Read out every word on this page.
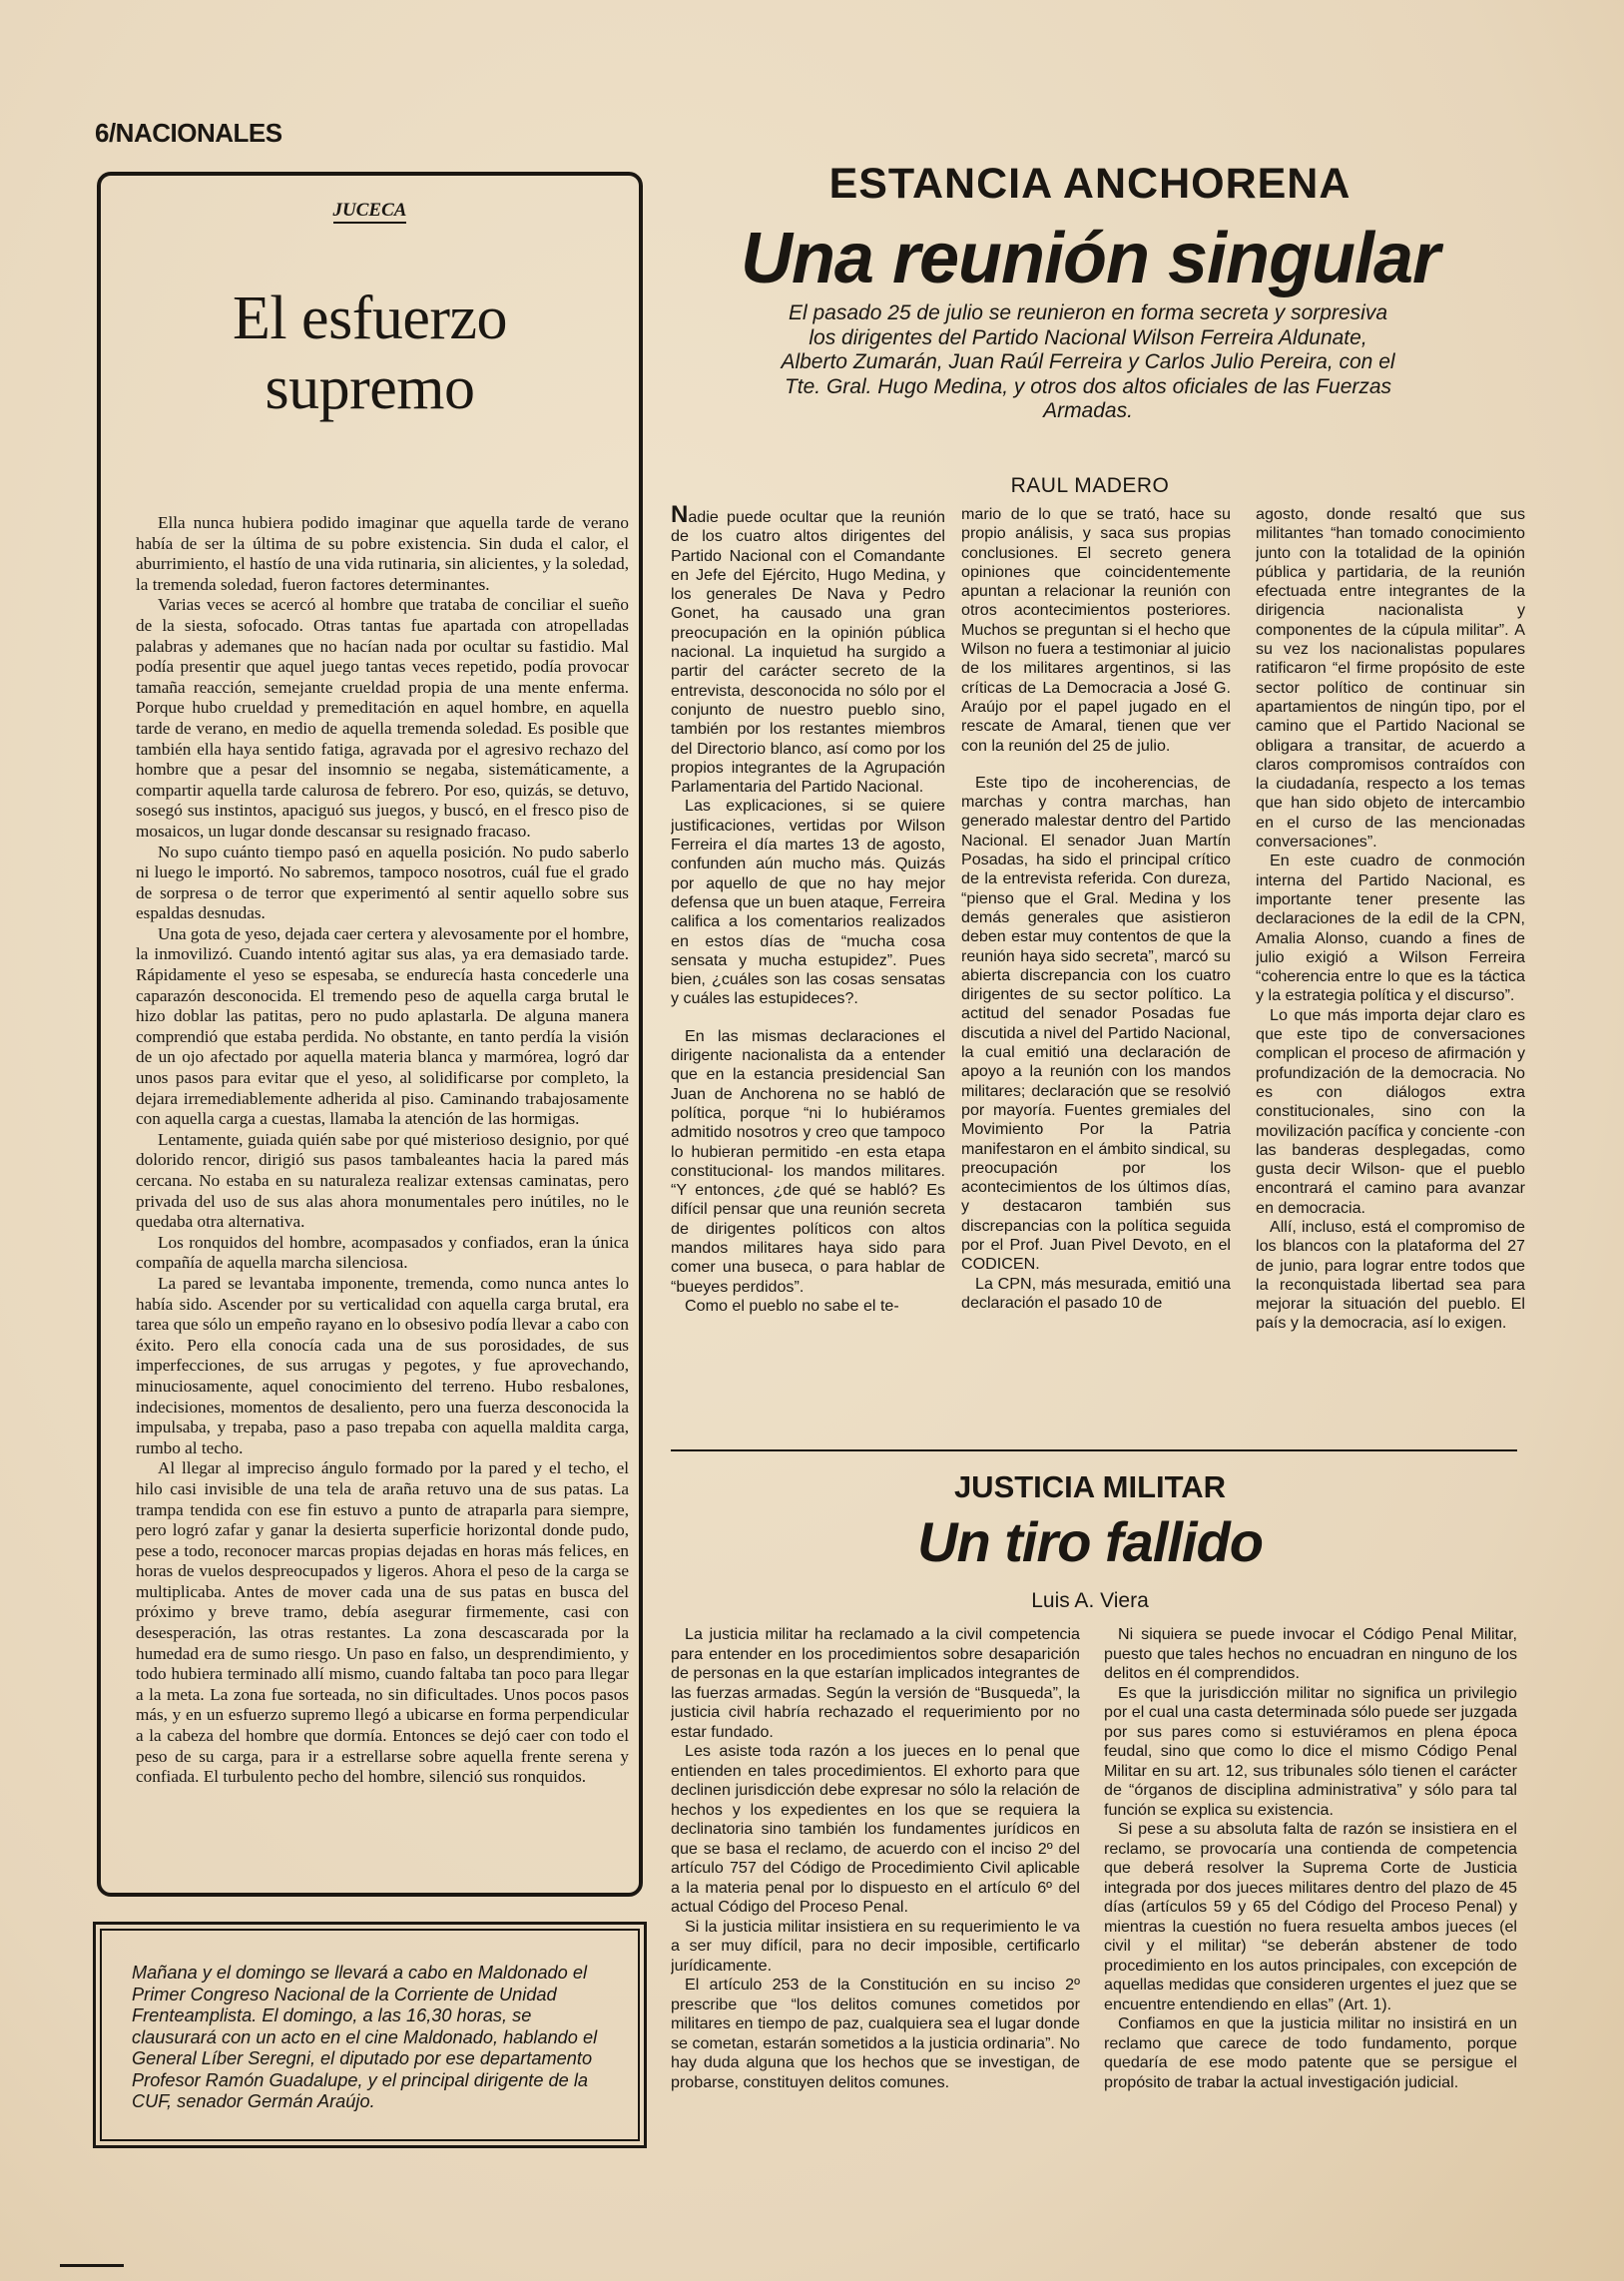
6/NACIONALES
JUCECA
El esfuerzo
supremo

Ella nunca hubiera podido imaginar que aquella tarde de verano había de ser la última de su pobre existencia. Sin duda el calor, el aburrimiento, el hastío de una vida rutinaria, sin alicientes, y la soledad, la tremenda soledad, fueron factores determinantes.

Varias veces se acercó al hombre que trataba de conciliar el sueño de la siesta, sofocado. Otras tantas fue apartada con atropelladas palabras y ademanes que no hacían nada por ocultar su fastidio. Mal podía presentir que aquel juego tantas veces repetido, podía provocar tamaña reacción, semejante crueldad propia de una mente enferma. Porque hubo crueldad y premeditación en aquel hombre, en aquella tarde de verano, en medio de aquella tremenda soledad. Es posible que también ella haya sentido fatiga, agravada por el agresivo rechazo del hombre que a pesar del insomnio se negaba, sistemáticamente, a compartir aquella tarde calurosa de febrero. Por eso, quizás, se detuvo, sosegó sus instintos, apaciguó sus juegos, y buscó, en el fresco piso de mosaicos, un lugar donde descansar su resignado fracaso.

No supo cuánto tiempo pasó en aquella posición. No pudo saberlo ni luego le importó. No sabremos, tampoco nosotros, cuál fue el grado de sorpresa o de terror que experimentó al sentir aquello sobre sus espaldas desnudas.

Una gota de yeso, dejada caer certera y alevosamente por el hombre, la inmovilizó. Cuando intentó agitar sus alas, ya era demasiado tarde. Rápidamente el yeso se espesaba, se endurecía hasta concederle una caparazón desconocida. El tremendo peso de aquella carga brutal le hizo doblar las patitas, pero no pudo aplastarla. De alguna manera comprendió que estaba perdida. No obstante, en tanto perdía la visión de un ojo afectado por aquella materia blanca y marmórea, logró dar unos pasos para evitar que el yeso, al solidificarse por completo, la dejara irremediablemente adherida al piso. Caminando trabajosamente con aquella carga a cuestas, llamaba la atención de las hormigas.

Lentamente, guiada quién sabe por qué misterioso designio, por qué dolorido rencor, dirigió sus pasos tambaleantes hacia la pared más cercana. No estaba en su naturaleza realizar extensas caminatas, pero privada del uso de sus alas ahora monumentales pero inútiles, no le quedaba otra alternativa.

Los ronquidos del hombre, acompasados y confiados, eran la única compañía de aquella marcha silenciosa.

La pared se levantaba imponente, tremenda, como nunca antes lo había sido. Ascender por su verticalidad con aquella carga brutal, era tarea que sólo un empeño rayano en lo obsesivo podía llevar a cabo con éxito. Pero ella conocía cada una de sus porosidades, de sus imperfecciones, de sus arrugas y pegotes, y fue aprovechando, minuciosamente, aquel conocimiento del terreno. Hubo resbalones, indecisiones, momentos de desaliento, pero una fuerza desconocida la impulsaba, y trepaba, paso a paso trepaba con aquella maldita carga, rumbo al techo.

Al llegar al impreciso ángulo formado por la pared y el techo, el hilo casi invisible de una tela de araña retuvo una de sus patas. La trampa tendida con ese fin estuvo a punto de atraparla para siempre, pero logró zafar y ganar la desierta superficie horizontal donde pudo, pese a todo, reconocer marcas propias dejadas en horas más felices, en horas de vuelos despreocupados y ligeros. Ahora el peso de la carga se multiplicaba. Antes de mover cada una de sus patas en busca del próximo y breve tramo, debía asegurar firmemente, casi con desesperación, las otras restantes. La zona descascarada por la humedad era de sumo riesgo. Un paso en falso, un desprendimiento, y todo hubiera terminado allí mismo, cuando faltaba tan poco para llegar a la meta. La zona fue sorteada, no sin dificultades. Unos pocos pasos más, y en un esfuerzo supremo llegó a ubicarse en forma perpendicular a la cabeza del hombre que dormía. Entonces se dejó caer con todo el peso de su carga, para ir a estrellarse sobre aquella frente serena y confiada. El turbulento pecho del hombre, silenció sus ronquidos.

Mañana y el domingo se llevará a cabo en Maldonado el Primer Congreso Nacional de la Corriente de Unidad Frenteamplista. El domingo, a las 16,30 horas, se clausurará con un acto en el cine Maldonado, hablando el General Líber Seregni, el diputado por ese departamento Profesor Ramón Guadalupe, y el principal dirigente de la CUF, senador Germán Araújo.
ESTANCIA ANCHORENA
Una reunión singular
El pasado 25 de julio se reunieron en forma secreta y sorpresiva los dirigentes del Partido Nacional Wilson Ferreira Aldunate, Alberto Zumarán, Juan Raúl Ferreira y Carlos Julio Pereira, con el Tte. Gral. Hugo Medina, y otros dos altos oficiales de las Fuerzas Armadas.
RAUL MADERO

Nadie puede ocultar que la reunión de los cuatro altos dirigentes del Partido Nacional con el Comandante en Jefe del Ejército, Hugo Medina, y los generales De Nava y Pedro Gonet, ha causado una gran preocupación en la opinión pública nacional. La inquietud ha surgido a partir del carácter secreto de la entrevista, desconocida no sólo por el conjunto de nuestro pueblo sino, también por los restantes miembros del Directorio blanco, así como por los propios integrantes de la Agrupación Parlamentaria del Partido Nacional.

Las explicaciones, si se quiere justificaciones, vertidas por Wilson Ferreira el día martes 13 de agosto, confunden aún mucho más. Quizás por aquello de que no hay mejor defensa que un buen ataque, Ferreira califica a los comentarios realizados en estos días de “mucha cosa sensata y mucha estupidez”. Pues bien, ¿cuáles son las cosas sensatas y cuáles las estupideces?.

En las mismas declaraciones el dirigente nacionalista da a entender que en la estancia presidencial San Juan de Anchorena no se habló de política, porque “ni lo hubiéramos admitido nosotros y creo que tampoco lo hubieran permitido -en esta etapa constitucional- los mandos militares. “Y entonces, ¿de qué se habló? Es difícil pensar que una reunión secreta de dirigentes políticos con altos mandos militares haya sido para comer una buseca, o para hablar de “bueyes perdidos”.

Como el pueblo no sabe el te-

mario de lo que se trató, hace su propio análisis, y saca sus propias conclusiones. El secreto genera opiniones que coincidentemente apuntan a relacionar la reunión con otros acontecimientos posteriores. Muchos se preguntan si el hecho que Wilson no fuera a testimoniar al juicio de los militares argentinos, si las críticas de La Democracia a José G. Araújo por el papel jugado en el rescate de Amaral, tienen que ver con la reunión del 25 de julio.

Este tipo de incoherencias, de marchas y contra marchas, han generado malestar dentro del Partido Nacional. El senador Juan Martín Posadas, ha sido el principal crítico de la entrevista referida. Con dureza, “pienso que el Gral. Medina y los demás generales que asistieron deben estar muy contentos de que la reunión haya sido secreta”, marcó su abierta discrepancia con los cuatro dirigentes de su sector político. La actitud del senador Posadas fue discutida a nivel del Partido Nacional, la cual emitió una declaración de apoyo a la reunión con los mandos militares; declaración que se resolvió por mayoría. Fuentes gremiales del Movimiento Por la Patria manifestaron en el ámbito sindical, su preocupación por los acontecimientos de los últimos días, y destacaron también sus discrepancias con la política seguida por el Prof. Juan Pivel Devoto, en el CODICEN.

La CPN, más mesurada, emitió una declaración el pasado 10 de

agosto, donde resaltó que sus militantes “han tomado conocimiento junto con la totalidad de la opinión pública y partidaria, de la reunión efectuada entre integrantes de la dirigencia nacionalista y componentes de la cúpula militar”. A su vez los nacionalistas populares ratificaron “el firme propósito de este sector político de continuar sin apartamientos de ningún tipo, por el camino que el Partido Nacional se obligara a transitar, de acuerdo a claros compromisos contraídos con la ciudadanía, respecto a los temas que han sido objeto de intercambio en el curso de las mencionadas conversaciones”.

En este cuadro de conmoción interna del Partido Nacional, es importante tener presente las declaraciones de la edil de la CPN, Amalia Alonso, cuando a fines de julio exigió a Wilson Ferreira “coherencia entre lo que es la táctica y la estrategia política y el discurso”.

Lo que más importa dejar claro es que este tipo de conversaciones complican el proceso de afirmación y profundización de la democracia. No es con diálogos extra constitucionales, sino con la movilización pacífica y conciente -con las banderas desplegadas, como gusta decir Wilson- que el pueblo encontrará el camino para avanzar en democracia.

Allí, incluso, está el compromiso de los blancos con la plataforma del 27 de junio, para lograr entre todos que la reconquistada libertad sea para mejorar la situación del pueblo. El país y la democracia, así lo exigen.

JUSTICIA MILITAR
Un tiro fallido
Luis A. Viera

La justicia militar ha reclamado a la civil competencia para entender en los procedimientos sobre desaparición de personas en la que estarían implicados integrantes de las fuerzas armadas. Según la versión de “Busqueda”, la justicia civil habría rechazado el requerimiento por no estar fundado.

Les asiste toda razón a los jueces en lo penal que entienden en tales procedimientos. El exhorto para que declinen jurisdicción debe expresar no sólo la relación de hechos y los expedientes en los que se requiera la declinatoria sino también los fundamentes jurídicos en que se basa el reclamo, de acuerdo con el inciso 2º del artículo 757 del Código de Procedimiento Civil aplicable a la materia penal por lo dispuesto en el artículo 6º del actual Código del Proceso Penal.

Si la justicia militar insistiera en su requerimiento le va a ser muy difícil, para no decir imposible, certificarlo jurídicamente.

El artículo 253 de la Constitución en su inciso 2º prescribe que “los delitos comunes cometidos por militares en tiempo de paz, cualquiera sea el lugar donde se cometan, estarán sometidos a la justicia ordinaria”. No hay duda alguna que los hechos que se investigan, de probarse, constituyen delitos comunes.

Ni siquiera se puede invocar el Código Penal Militar, puesto que tales hechos no encuadran en ninguno de los delitos en él comprendidos.

Es que la jurisdicción militar no significa un privilegio por el cual una casta determinada sólo puede ser juzgada por sus pares como si estuviéramos en plena época feudal, sino que como lo dice el mismo Código Penal Militar en su art. 12, sus tribunales sólo tienen el carácter de “órganos de disciplina administrativa” y sólo para tal función se explica su existencia.

Si pese a su absoluta falta de razón se insistiera en el reclamo, se provocaría una contienda de competencia que deberá resolver la Suprema Corte de Justicia integrada por dos jueces militares dentro del plazo de 45 días (artículos 59 y 65 del Código del Proceso Penal) y mientras la cuestión no fuera resuelta ambos jueces (el civil y el militar) “se deberán abstener de todo procedimiento en los autos principales, con excepción de aquellas medidas que consideren urgentes el juez que se encuentre entendiendo en ellas” (Art. 1).

Confiamos en que la justicia militar no insistirá en un reclamo que carece de todo fundamento, porque quedaría de ese modo patente que se persigue el propósito de trabar la actual investigación judicial.
